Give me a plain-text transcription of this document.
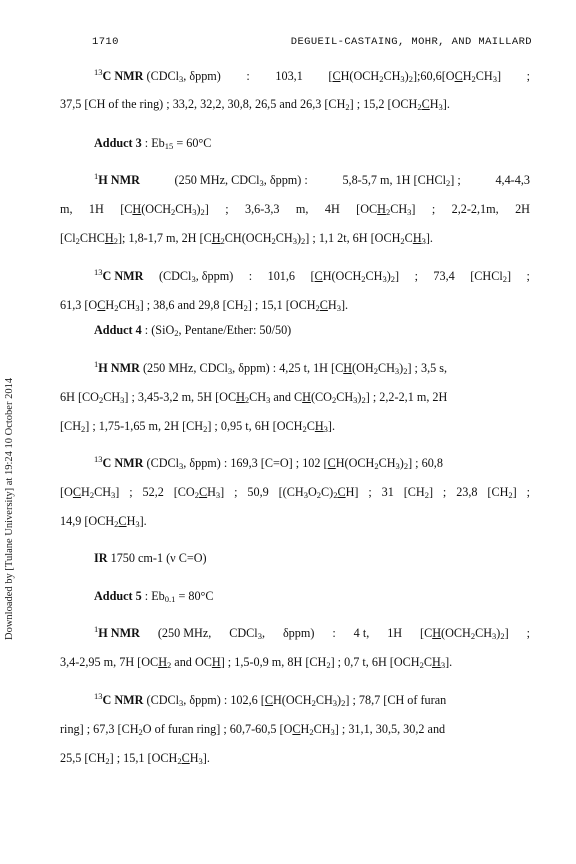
1710	DEGUEIL-CASTAING, MOHR, AND MAILLARD
Downloaded by [Tulane University] at 19:24 10 October 2014
$^{13}$C NMR (CDCl$_3$, δppm) : 103,1 $[CH(OCH_2CH_3)_2];60,6[OCH_2CH_3]$ ;
37,5 [CH of the ring) ; 33,2, 32,2, 30,8, 26,5 and 26,3 $[CH_2]$ ; 15,2 $[OCH_2CH_3]$.
Adduct 3 : $Eb_{15} = 60^\circ C$
$^1$H NMR	(250 MHz, CDCl$_3$, δppm) :	5,8-5,7 m, 1H [CHCl$_2$] ;	4,4-4,3
m, 1H $[CH(OCH_2CH_3)_2]$ ; 3,6-3,3 m, 4H $[OCH_2CH_3]$ ; 2,2-2,1m, 2H
$[Cl_2CHCH_2]$; 1,8-1,7 m, 2H $[CH_2CH(OCH_2CH_3)_2]$ ; 1,1 2t, 6H $[OCH_2CH_3]$.
$^{13}$C NMR (CDCl$_3$, δppm) : 101,6 $[CH(OCH_2CH_3)_2]$ ; 73,4 [CHCl$_2$] ;
61,3 $[OCH_2CH_3]$ ; 38,6 and 29,8 $[CH_2]$ ; 15,1 $[OCH_2CH_3]$.
Adduct 4 : (SiO$_2$, Pentane/Ether: 50/50)
$^1$H NMR (250 MHz, CDCl$_3$, δppm) : 4,25 t, 1H $[CH(OH_2CH_3)_2]$ ; 3,5 s,
6H $[CO_2CH_3]$ ; 3,45-3,2 m, 5H [$OCH_2CH_3$ and $CH(CO_2CH_3)_2$] ; 2,2-2,1 m, 2H
$[CH_2]$ ; 1,75-1,65 m, 2H $[CH_2]$ ; 0,95 t, 6H $[OCH_2CH_3]$.
$^{13}$C NMR (CDCl$_3$, δppm) : 169,3 [C=O] ; 102 $[CH(OCH_2CH_3)_2]$ ; 60,8
$[OCH_2CH_3]$ ; 52,2 $[CO_2CH_3]$ ; 50,9 $[(CH_3O_2C)_2CH]$ ; 31 $[CH_2]$ ; 23,8 $[CH_2]$ ;
14,9 $[OCH_2CH_3]$.
IR 1750 cm-1 (ν C=O)
Adduct 5 : $Eb_{0.1} = 80^\circ C$
$^1$H NMR (250 MHz, CDCl$_3$, δppm) : 4 t, 1H $[CH(OCH_2CH_3)_2]$ ;
3,4-2,95 m, 7H [$OCH_2$ and OCH] ; 1,5-0,9 m, 8H $[CH_2]$ ; 0,7 t, 6H $[OCH_2CH_3]$.
$^{13}$C NMR (CDCl$_3$, δppm) : 102,6 $[CH(OCH_2CH_3)_2]$ ; 78,7 [CH of furan
ring] ; 67,3 [$CH_2O$ of furan ring] ; 60,7-60,5 $[OCH_2CH_3]$ ; 31,1, 30,5, 30,2 and
25,5 $[CH_2]$ ; 15,1 $[OCH_2CH_3]$.
